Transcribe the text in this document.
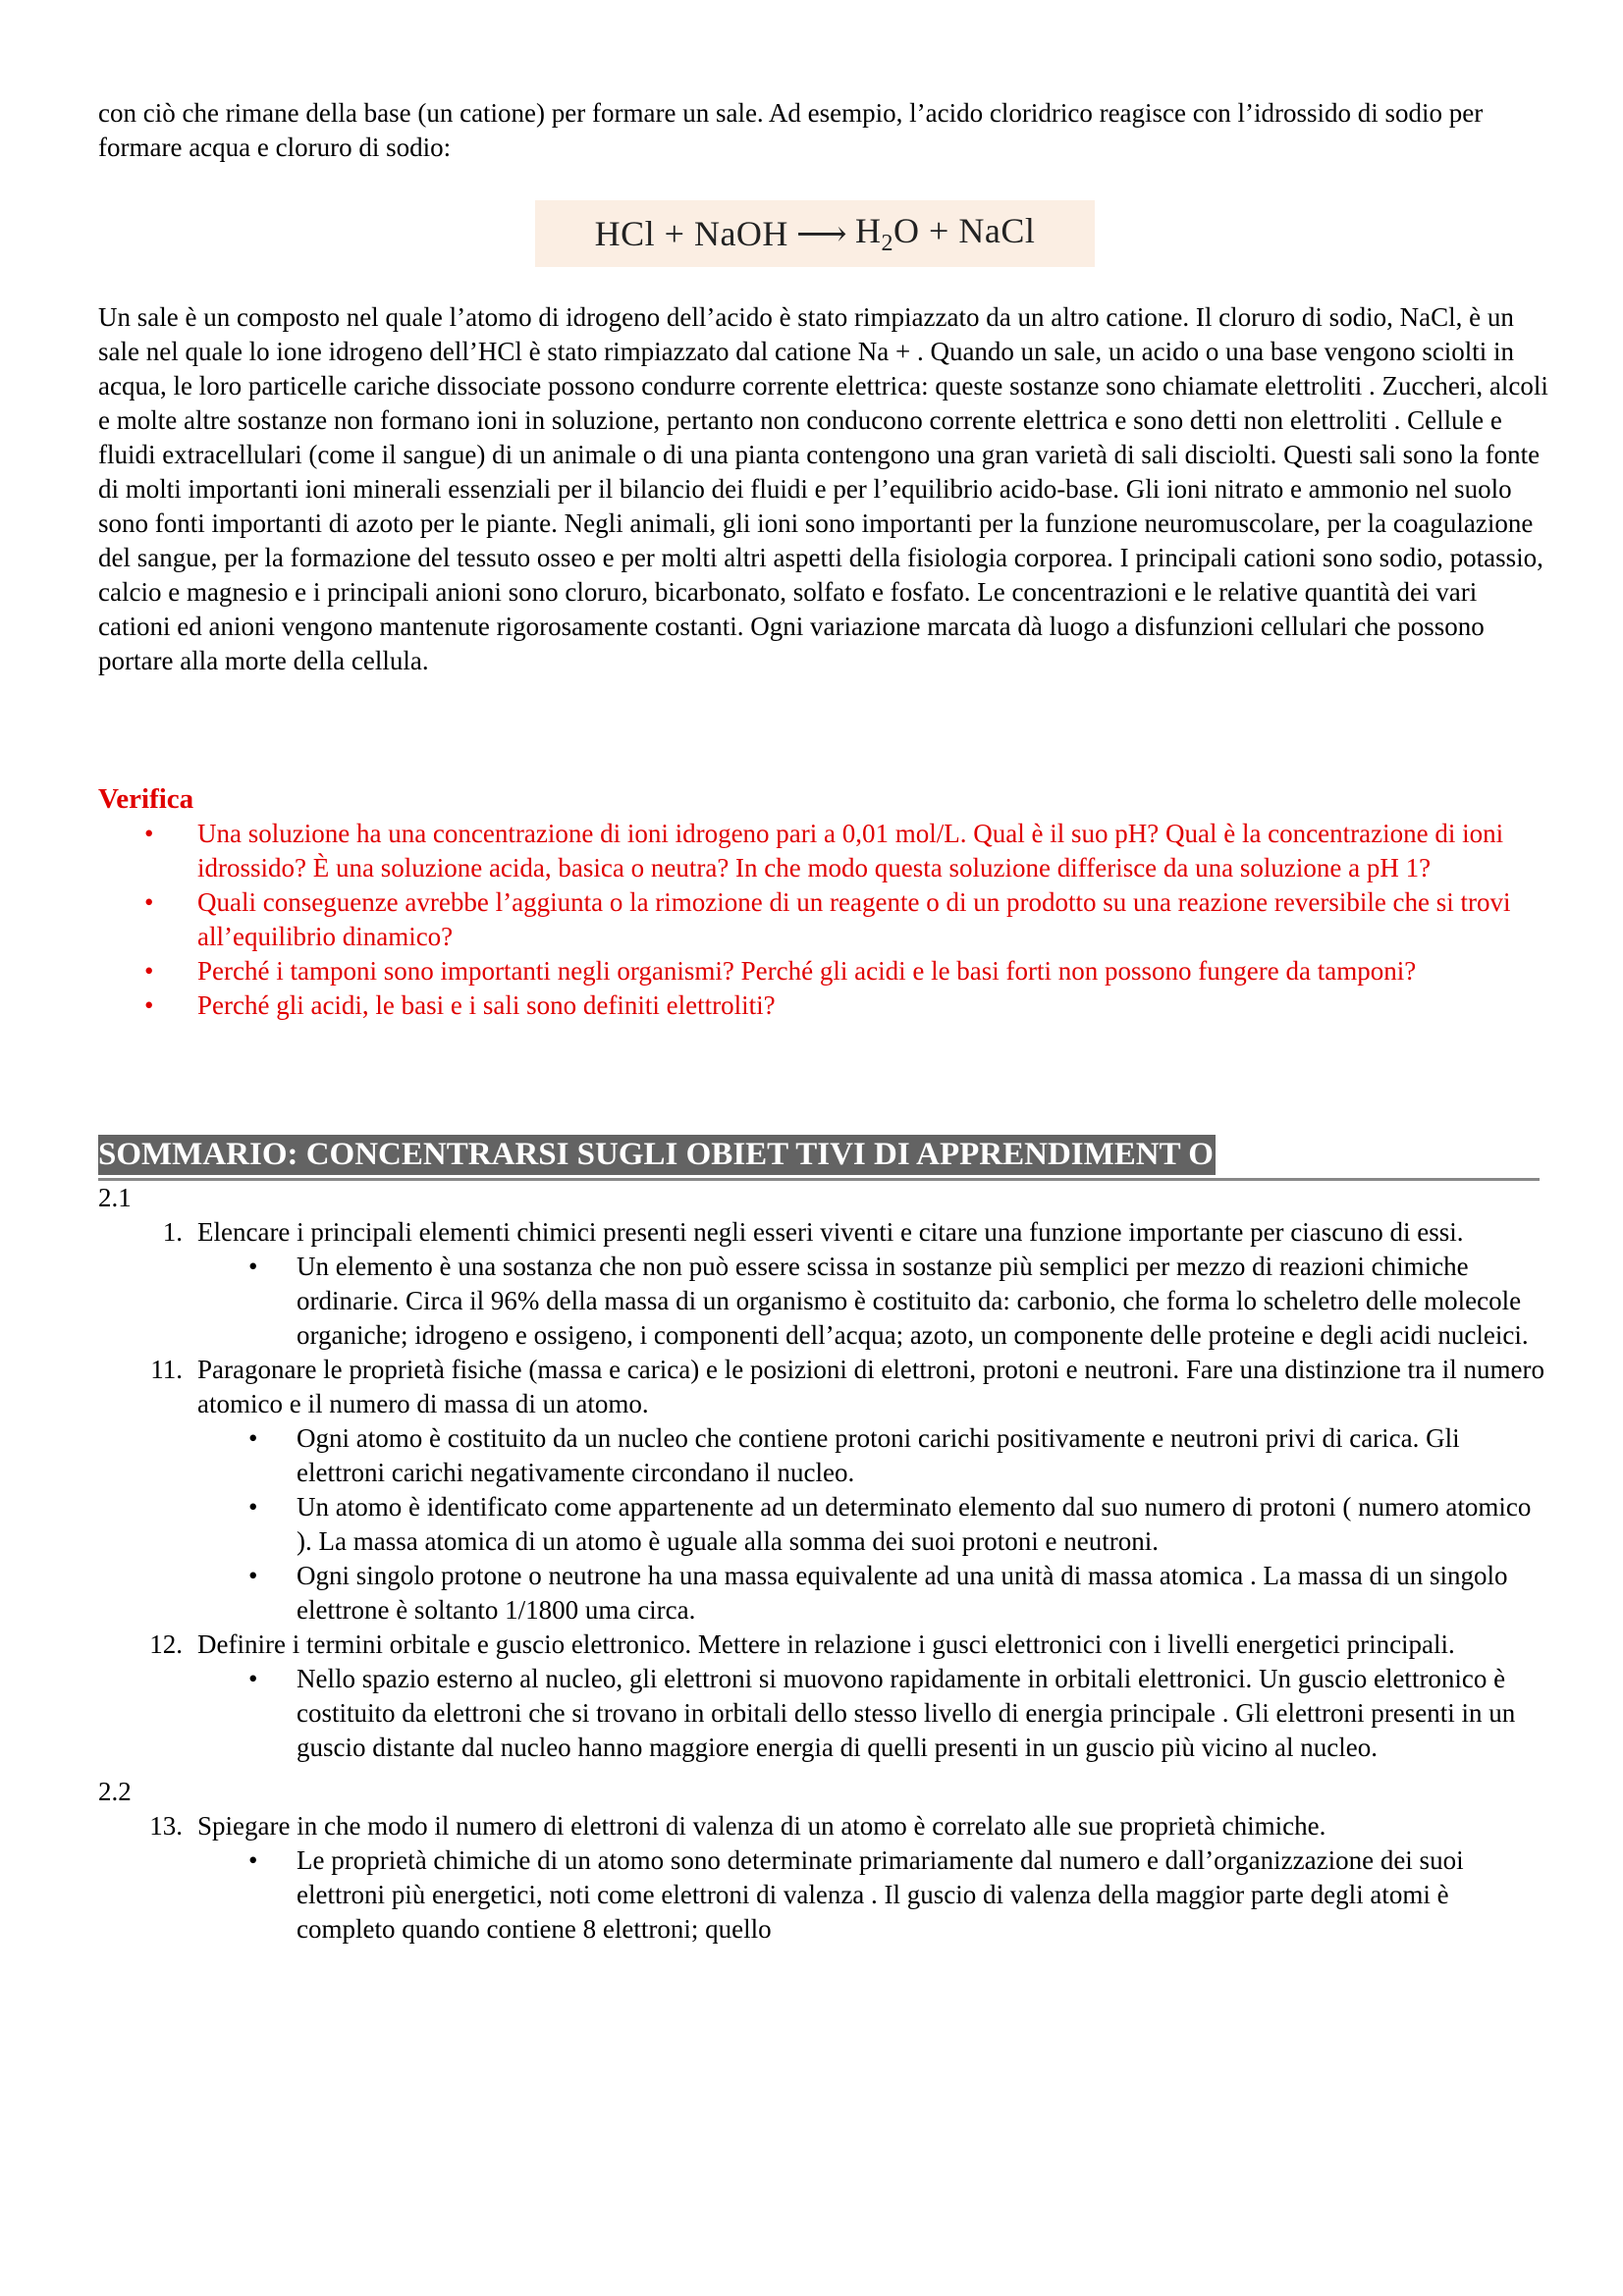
con ciò che rimane della base (un catione) per formare un sale. Ad esempio, l’acido cloridrico reagisce con l’idrossido di sodio per formare acqua e cloruro di sodio:

HCl + NaOH ⟶ $H_2O$ + NaCl

Un sale è un composto nel quale l’atomo di idrogeno dell’acido è stato rimpiazzato da un altro catione. Il cloruro di sodio, NaCl, è un sale nel quale lo ione idrogeno dell’HCl è stato rimpiazzato dal catione Na + . Quando un sale, un acido o una base vengono sciolti in acqua, le loro particelle cariche dissociate possono condurre corrente elettrica: queste sostanze sono chiamate elettroliti . Zuccheri, alcoli e molte altre sostanze non formano ioni in soluzione, pertanto non conducono corrente elettrica e sono detti non elettroliti . Cellule e fluidi extracellulari (come il sangue) di un animale o di una pianta contengono una gran varietà di sali disciolti. Questi sali sono la fonte di molti importanti ioni minerali essenziali per il bilancio dei fluidi e per l’equilibrio acido-base. Gli ioni nitrato e ammonio nel suolo sono fonti importanti di azoto per le piante. Negli animali, gli ioni sono importanti per la funzione neuromuscolare, per la coagulazione del sangue, per la formazione del tessuto osseo e per molti altri aspetti della fisiologia corporea. I principali cationi sono sodio, potassio, calcio e magnesio e i principali anioni sono cloruro, bicarbonato, solfato e fosfato. Le concentrazioni e le relative quantità dei vari cationi ed anioni vengono mantenute rigorosamente costanti. Ogni variazione marcata dà luogo a disfunzioni cellulari che possono portare alla morte della cellula.

Verifica
• Una soluzione ha una concentrazione di ioni idrogeno pari a 0,01 mol/L. Qual è il suo pH? Qual è la concentrazione di ioni idrossido? È una soluzione acida, basica o neutra? In che modo questa soluzione differisce da una soluzione a pH 1?
• Quali conseguenze avrebbe l’aggiunta o la rimozione di un reagente o di un prodotto su una reazione reversibile che si trovi all’equilibrio dinamico?
• Perché i tamponi sono importanti negli organismi? Perché gli acidi e le basi forti non possono fungere da tamponi?
• Perché gli acidi, le basi e i sali sono definiti elettroliti?
SOMMARIO: CONCENTRARSI SUGLI OBIET TIVI DI APPRENDIMENT O
2.1
1. Elencare i principali elementi chimici presenti negli esseri viventi e citare una funzione importante per ciascuno di essi.
• Un elemento è una sostanza che non può essere scissa in sostanze più semplici per mezzo di reazioni chimiche ordinarie. Circa il 96% della massa di un organismo è costituito da: carbonio, che forma lo scheletro delle molecole organiche; idrogeno e ossigeno, i componenti dell’acqua; azoto, un componente delle proteine e degli acidi nucleici.
11. Paragonare le proprietà fisiche (massa e carica) e le posizioni di elettroni, protoni e neutroni. Fare una distinzione tra il numero atomico e il numero di massa di un atomo.
• Ogni atomo è costituito da un nucleo che contiene protoni carichi positivamente e neutroni privi di carica. Gli elettroni carichi negativamente circondano il nucleo.
• Un atomo è identificato come appartenente ad un determinato elemento dal suo numero di protoni ( numero atomico ). La massa atomica di un atomo è uguale alla somma dei suoi protoni e neutroni.
• Ogni singolo protone o neutrone ha una massa equivalente ad una unità di massa atomica . La massa di un singolo elettrone è soltanto 1/1800 uma circa.
12. Definire i termini orbitale e guscio elettronico. Mettere in relazione i gusci elettronici con i livelli energetici principali.
• Nello spazio esterno al nucleo, gli elettroni si muovono rapidamente in orbitali elettronici. Un guscio elettronico è costituito da elettroni che si trovano in orbitali dello stesso livello di energia principale . Gli elettroni presenti in un guscio distante dal nucleo hanno maggiore energia di quelli presenti in un guscio più vicino al nucleo.
2.2
13. Spiegare in che modo il numero di elettroni di valenza di un atomo è correlato alle sue proprietà chimiche.
• Le proprietà chimiche di un atomo sono determinate primariamente dal numero e dall’organizzazione dei suoi elettroni più energetici, noti come elettroni di valenza . Il guscio di valenza della maggior parte degli atomi è completo quando contiene 8 elettroni; quello
